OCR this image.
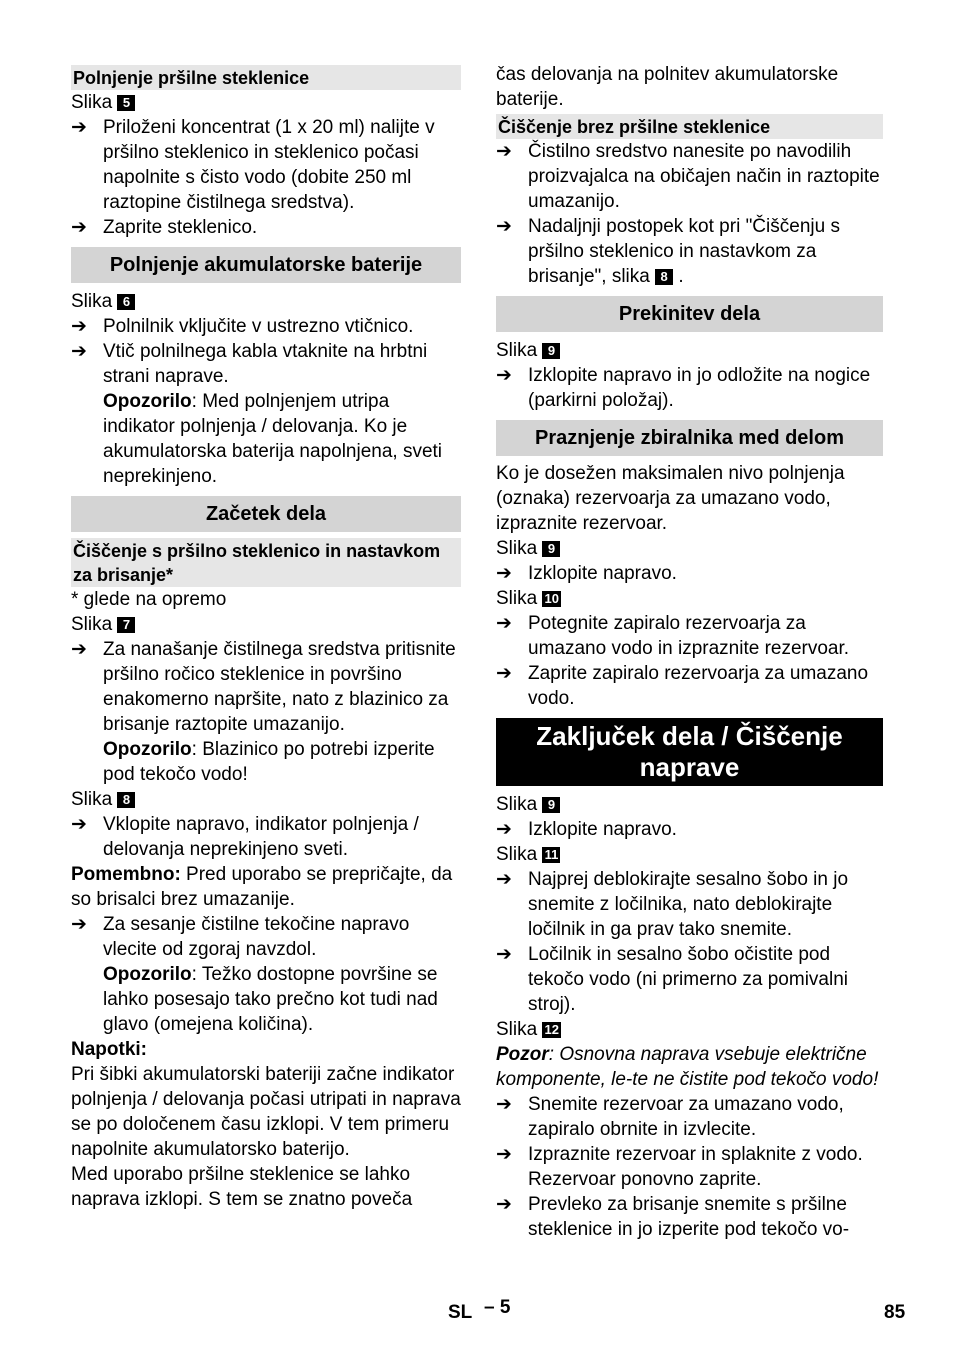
Polnjenje pršilne steklenice
Slika 5
➔ Priloženi koncentrat (1 x 20 ml) nalijte v pršilno steklenico in steklenico počasi napolnite s čisto vodo (dobite 250 ml raztopine čistilnega sredstva).
➔ Zaprite steklenico.
Polnjenje akumulatorske baterije
Slika 6
➔ Polnilnik vključite v ustrezno vtičnico.
➔ Vtič polnilnega kabla vtaknite na hrbtni strani naprave.
Opozorilo: Med polnjenjem utripa indikator polnjenja / delovanja. Ko je akumulatorska baterija napolnjena, sveti neprekinjeno.
Začetek dela
Čiščenje s pršilno steklenico in nastavkom za brisanje*
* glede na opremo
Slika 7
➔ Za nanašanje čistilnega sredstva pritisnite pršilno ročico steklenice in površino enakomerno napršite, nato z blazinico za brisanje raztopite umazanijo.
Opozorilo: Blazinico po potrebi izperite pod tekočo vodo!
Slika 8
➔ Vklopite napravo, indikator polnjenja / delovanja neprekinjeno sveti.
Pomembno: Pred uporabo se prepričajte, da so brisalci brez umazanije.
➔ Za sesanje čistilne tekočine napravo vlecite od zgoraj navzdol.
Opozorilo: Težko dostopne površine se lahko posesajo tako prečno kot tudi nad glavo (omejena količina).
Napotki:
Pri šibki akumulatorski bateriji začne indikator polnjenja / delovanja počasi utripati in naprava se po določenem času izklopi. V tem primeru napolnite akumulatorsko baterijo.
Med uporabo pršilne steklenice se lahko naprava izklopi. S tem se znatno poveča
čas delovanja na polnitev akumulatorske baterije.
Čiščenje brez pršilne steklenice
➔ Čistilno sredstvo nanesite po navodilih proizvajalca na običajen način in raztopite umazanijo.
➔ Nadaljnji postopek kot pri "Čiščenju s pršilno steklenico in nastavkom za brisanje", slika 8 .
Prekinitev dela
Slika 9
➔ Izklopite napravo in jo odložite na nogice (parkirni položaj).
Praznjenje zbiralnika med delom
Ko je dosežen maksimalen nivo polnjenja (oznaka) rezervoarja za umazano vodo, izpraznite rezervoar.
Slika 9
➔ Izklopite napravo.
Slika 10
➔ Potegnite zapiralo rezervoarja za umazano vodo in izpraznite rezervoar.
➔ Zaprite zapiralo rezervoarja za umazano vodo.
Zaključek dela / Čiščenje naprave
Slika 9
➔ Izklopite napravo.
Slika 11
➔ Najprej deblokirajte sesalno šobo in jo snemite z ločilnika, nato deblokirajte ločilnik in ga prav tako snemite.
➔ Ločilnik in sesalno šobo očistite pod tekočo vodo (ni primerno za pomivalni stroj).
Slika 12
Pozor: Osnovna naprava vsebuje električne komponente, le-te ne čistite pod tekočo vodo!
➔ Snemite rezervoar za umazano vodo, zapiralo obrnite in izvlecite.
➔ Izpraznite rezervoar in splaknite z vodo. Rezervoar ponovno zaprite.
➔ Prevleko za brisanje snemite s pršilne steklenice in jo izperite pod tekočo vo-
SL – 5	85
